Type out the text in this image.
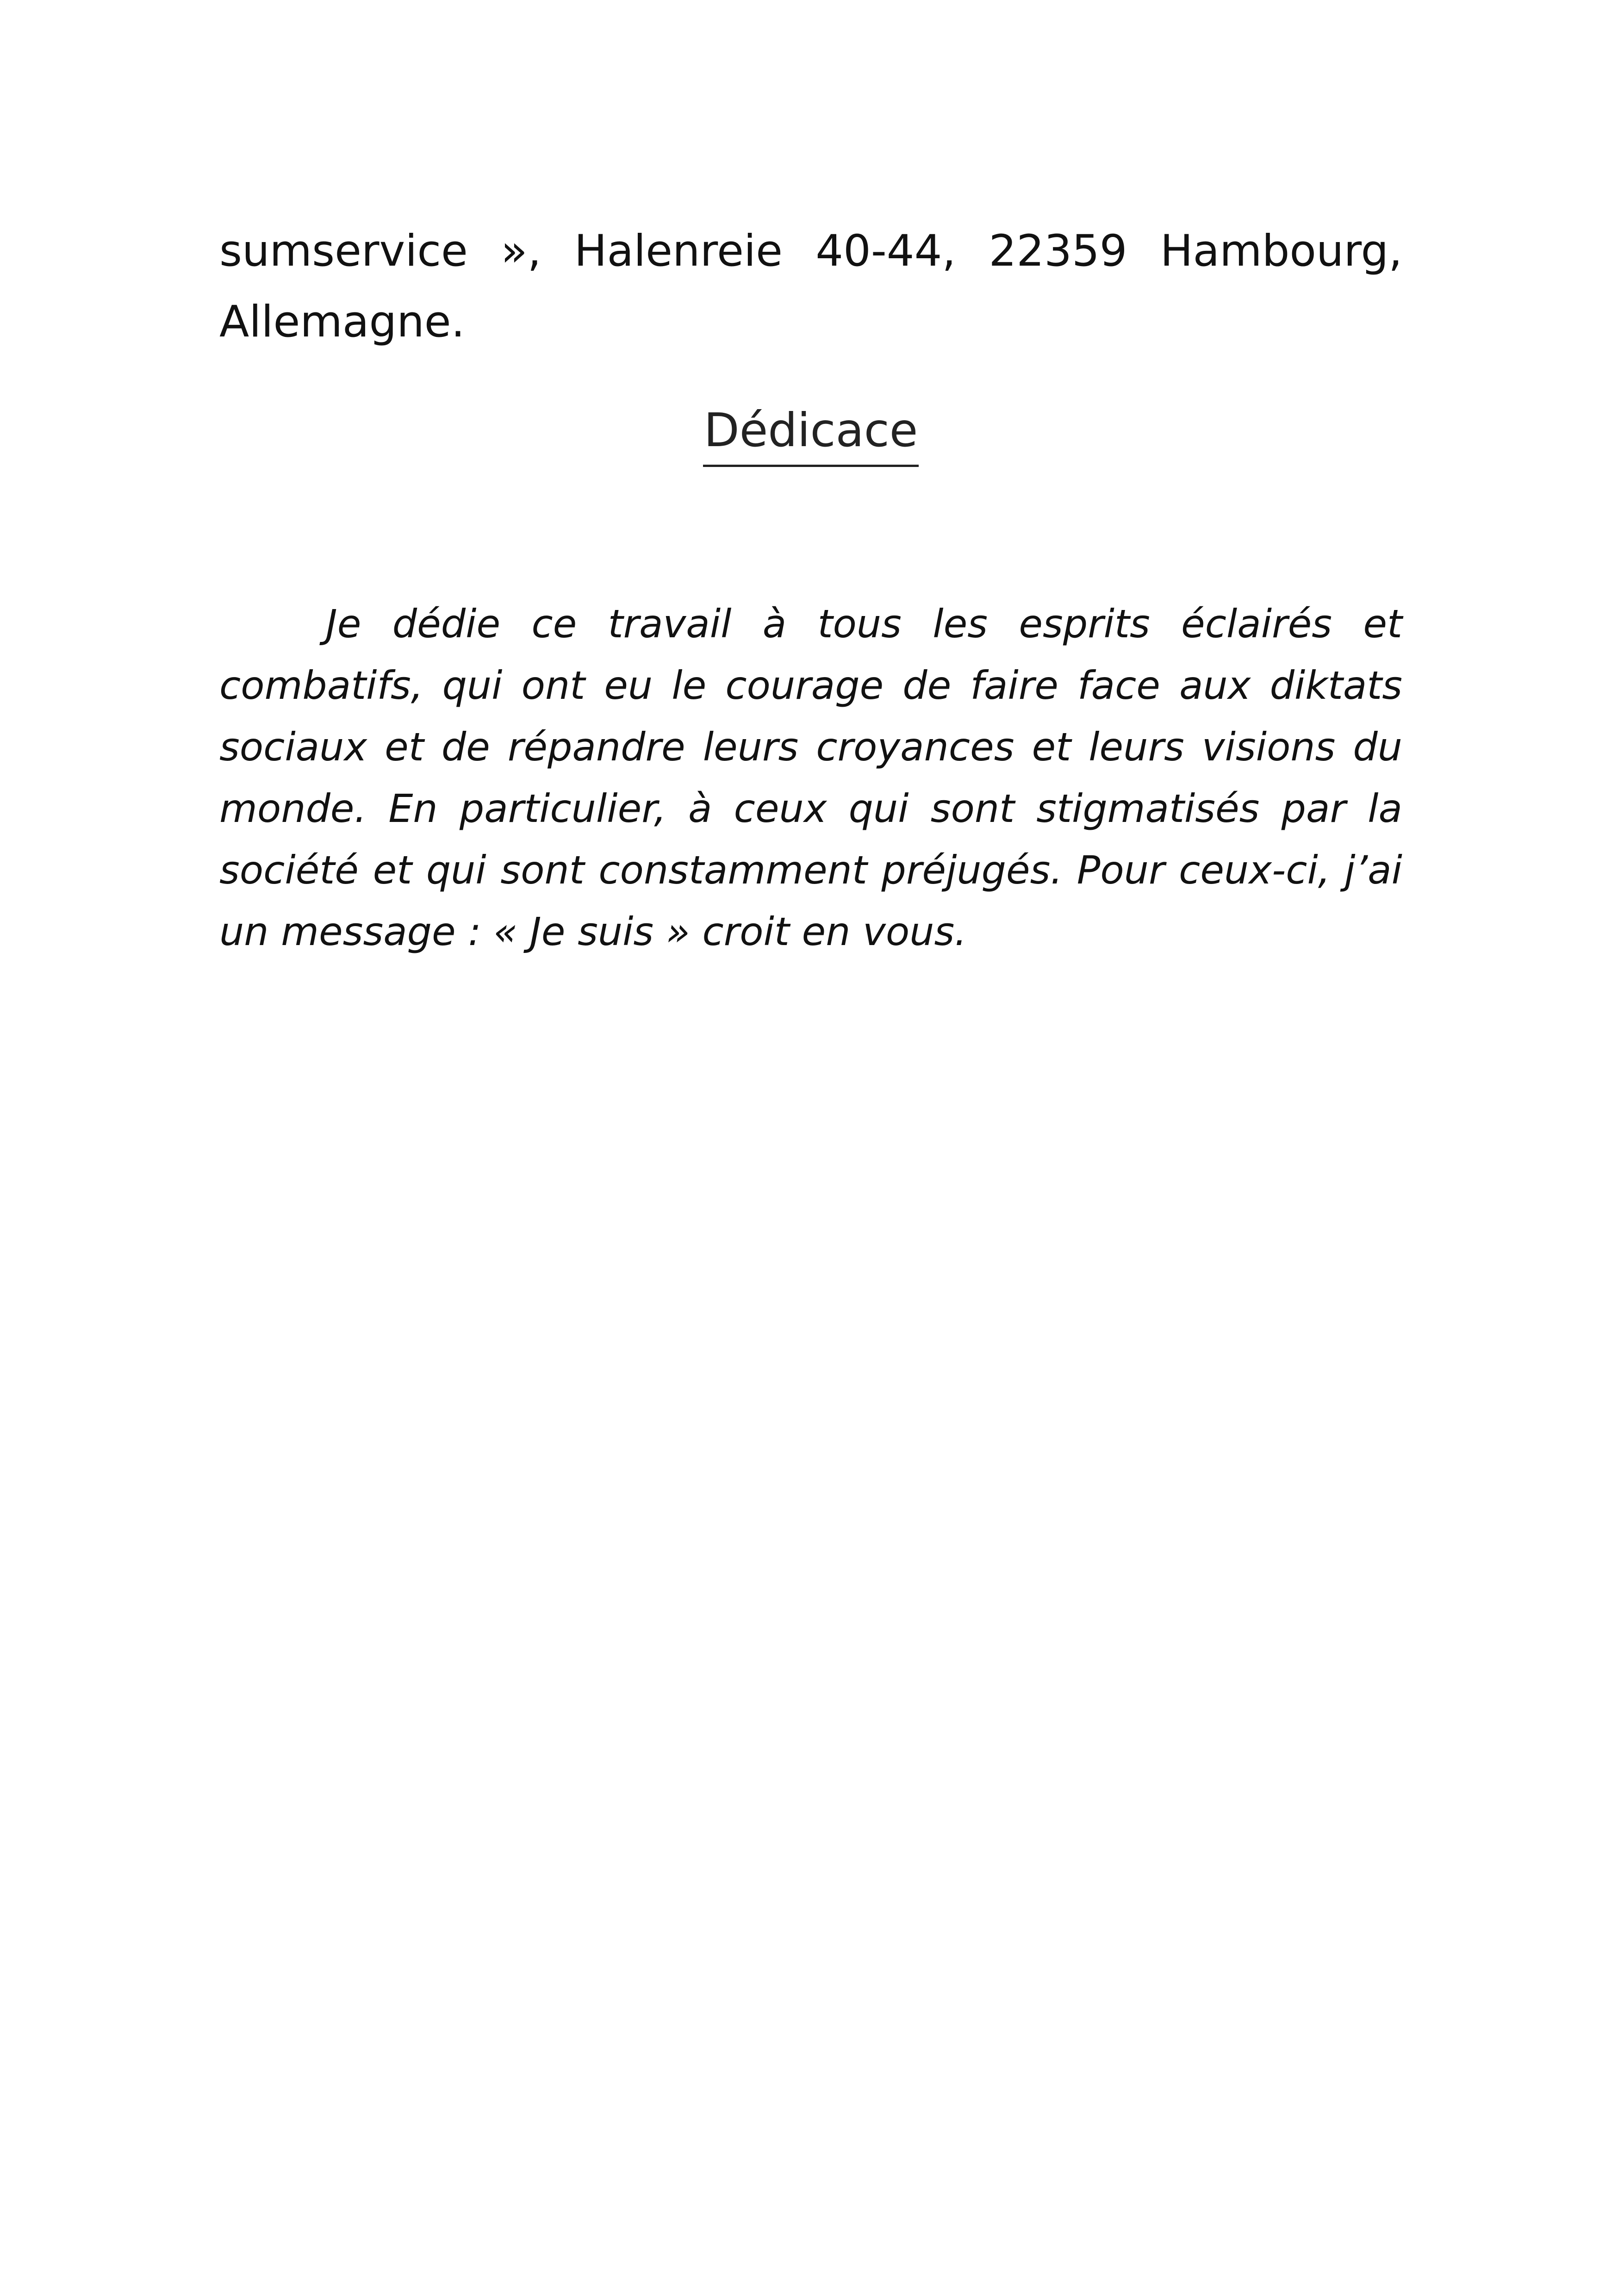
sumservice », Halenreie 40-44, 22359 Hambourg, Allemagne.

Dédicace

Je dédie ce travail à tous les esprits éclairés et combatifs, qui ont eu le courage de faire face aux diktats sociaux et de répandre leurs croyances et leurs visions du monde. En particulier, à ceux qui sont stigmatisés par la société et qui sont constamment préjugés. Pour ceux-ci, j’ai un message : « Je suis » croit en vous.
